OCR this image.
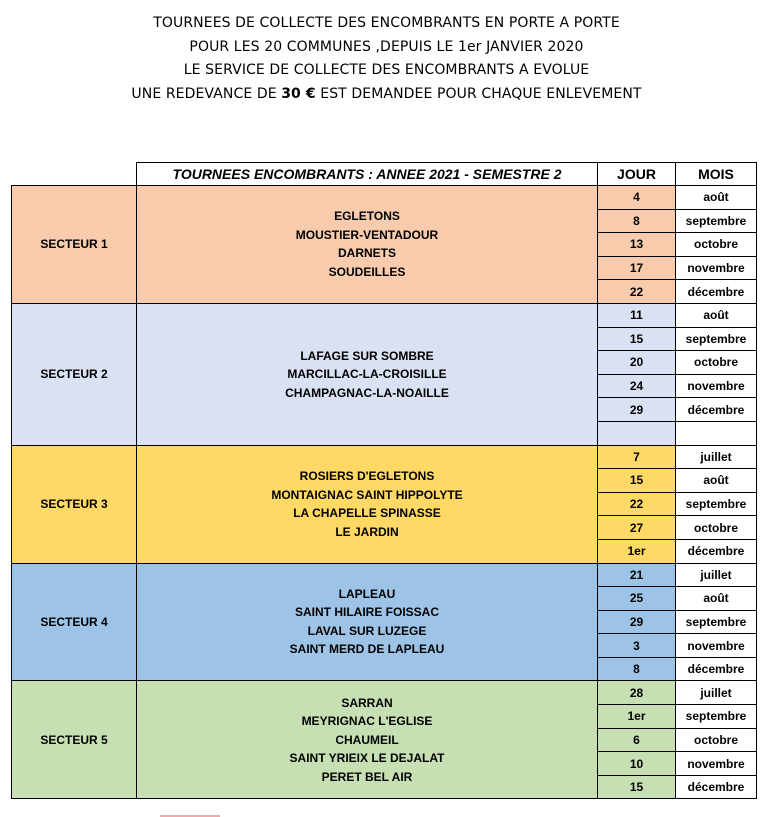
TOURNEES DE COLLECTE DES ENCOMBRANTS EN PORTE A PORTE
POUR LES 20 COMMUNES ,DEPUIS LE 1er JANVIER 2020
LE SERVICE DE COLLECTE DES ENCOMBRANTS A EVOLUE
UNE REDEVANCE DE 30 € EST DEMANDEE POUR CHAQUE ENLEVEMENT
	TOURNEES ENCOMBRANTS : ANNEE 2021 - SEMESTRE 2	JOUR	MOIS
SECTEUR 1	EGLETONS
MOUSTIER-VENTADOUR
DARNETS
SOUDEILLES	4	août
		8	septembre
		13	octobre
		17	novembre
		22	décembre
SECTEUR 2	LAFAGE SUR SOMBRE
MARCILLAC-LA-CROISILLE
CHAMPAGNAC-LA-NOAILLE	11	août
		15	septembre
		20	octobre
		24	novembre
		29	décembre

SECTEUR 3	ROSIERS D'EGLETONS
MONTAIGNAC SAINT HIPPOLYTE
LA CHAPELLE SPINASSE
LE JARDIN	7	juillet
		15	août
		22	septembre
		27	octobre
		1er	décembre
SECTEUR 4	LAPLEAU
SAINT HILAIRE FOISSAC
LAVAL SUR LUZEGE
SAINT MERD DE LAPLEAU	21	juillet
		25	août
		29	septembre
		3	novembre
		8	décembre
SECTEUR 5	SARRAN
MEYRIGNAC L'EGLISE
CHAUMEIL
SAINT YRIEIX LE DEJALAT
PERET BEL AIR	28	juillet
		1er	septembre
		6	octobre
		10	novembre
		15	décembre
